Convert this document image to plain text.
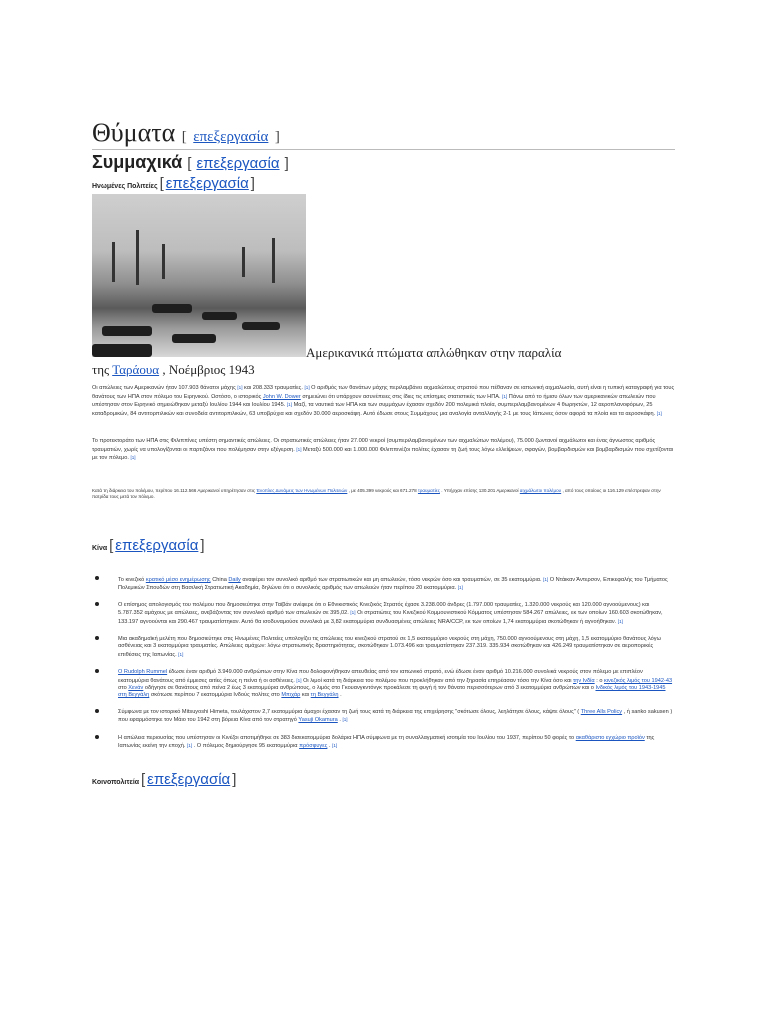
Θύματα [ επεξεργασία ]
Συμμαχικά [ επεξεργασία ]
Ηνωμένες Πολιτείες [ επεξεργασία ]
Αμερικανικά πτώματα απλώθηκαν στην παραλία
της Ταράουα , Νοέμβριος 1943
Οι απώλειες των Αμερικανών ήταν 107.903 θάνατοι μάχης [1] και 208.333 τραυματίες. [1] Ο αριθμός των θανάτων μάχης περιλαμβάνει αιχμαλώτους στρατού που πέθαναν σε ιαπωνική αιχμαλωσία, αυτή είναι η τυπική καταγραφή για τους θανάτους των ΗΠΑ στον πόλεμο του Ειρηνικού. Ωστόσο, ο ιστορικός John W. Dower σημειώνει ότι υπάρχουν ασυνέπειες στις ίδιες τις επίσημες στατιστικές των ΗΠΑ. [1] Πάνω από το ήμισυ όλων των αμερικανικών απωλειών που υπέστησαν στον Ειρηνικό σημειώθηκαν μεταξύ Ιουλίου 1944 και Ιουλίου 1945. [1] Μαζί, τα ναυτικά των ΗΠΑ και των συμμάχων έχασαν σχεδόν 200 πολεμικά πλοία, συμπεριλαμβανομένων 4 θωρηκτών, 12 αεροπλανοφόρων, 25 καταδρομικών, 84 αντιτορπιλικών και συνοδεία αντιτορπιλικών, 63 υποβρύχια και σχεδόν 30.000 αεροσκάφη. Αυτό έδωσε στους Συμμάχους μια αναλογία ανταλλαγής 2-1 με τους Ιάπωνες όσον αφορά τα πλοία και τα αεροσκάφη. [1]
Το προτεκτοράτο των ΗΠΑ στις Φιλιππίνες υπέστη σημαντικές απώλειες. Οι στρατιωτικές απώλειες ήταν 27.000 νεκροί (συμπεριλαμβανομένων των αιχμαλώτων πολέμου), 75.000 ζωντανοί αιχμάλωτοι και ένας άγνωστος αριθμός τραυματιών, χωρίς να υπολογίζονται οι παρτιζάνοι που πολέμησαν στην εξέγερση. [1] Μεταξύ 500.000 και 1.000.000 Φιλιππινέζοι πολίτες έχασαν τη ζωή τους λόγω ελλείψεων, σφαγών, βομβαρδισμών και βομβαρδισμών που σχετίζονται με τον πόλεμο. [1]
Κατά τη διάρκεια του πολέμου, περίπου 16.112.566 Αμερικανοί υπηρέτησαν στις Ένοπλες Δυνάμεις των Ηνωμένων Πολιτειών , με 405.399 νεκρούς και 671.278 τραυματίες . Υπήρχαν επίσης 130.201 Αμερικανοί αιχμάλωτοι πολέμου , από τους οποίους οι 116.129 επέστρεψαν στην πατρίδα τους μετά τον πόλεμο.
Κίνα [ επεξεργασία ]
Το κινεζικό κρατικό μέσο ενημέρωσης China Daily αναφέρει τον συνολικό αριθμό των στρατιωτικών και μη απωλειών, τόσο νεκρών όσο και τραυματιών, σε 35 εκατομμύρια. [1] Ο Ντάικαν Άντερσον, Επικεφαλής του Τμήματος Πολεμικών Σπουδών στη Βασιλική Στρατιωτική Ακαδημία, δηλώνει ότι ο συνολικός αριθμός των απωλειών ήταν περίπου 20 εκατομμύρια. [1]
Ο επίσημος απολογισμός του πολέμου που δημοσιεύτηκε στην Ταϊβάν ανέφερε ότι ο Εθνικιστικός Κινεζικός Στρατός έχασε 3.238.000 άνδρες (1.797.000 τραυματίες, 1.320.000 νεκρούς και 120.000 αγνοούμενους) και 5.787.352 αμάχους με απώλειες, ανεβάζοντας τον συνολικό αριθμό των απωλειών σε 395,02. [1] Οι στρατιώτες του Κινεζικού Κομμουνιστικού Κόμματος υπέστησαν 584.267 απώλειες, εκ των οποίων 160.603 σκοτώθηκαν, 133.197 αγνοούνται και 290.467 τραυματίστηκαν. Αυτό θα ισοδυναμούσε συνολικά με 3,82 εκατομμύρια συνδυασμένες απώλειες NRA/CCP, εκ των οποίων 1,74 εκατομμύρια σκοτώθηκαν ή αγνοήθηκαν. [1]
Μια ακαδημαϊκή μελέτη που δημοσιεύτηκε στις Ηνωμένες Πολιτείες υπολογίζει τις απώλειες του κινεζικού στρατού σε 1,5 εκατομμύριο νεκρούς στη μάχη, 750.000 αγνοούμενους στη μάχη, 1,5 εκατομμύριο θανάτους λόγω ασθένειας και 3 εκατομμύρια τραυματίες. Απώλειες αμάχων: λόγω στρατιωτικής δραστηριότητας, σκοτώθηκαν 1.073.496 και τραυματίστηκαν 237.319. 335.934 σκοτώθηκαν και 426.249 τραυματίστηκαν σε αεροπορικές επιθέσεις της Ιαπωνίας. [1]
Ο Rudolph Rummel έδωσε έναν αριθμό 3.949.000 ανθρώπων στην Κίνα που δολοφονήθηκαν απευθείας από τον ιαπωνικό στρατό, ενώ έδωσε έναν αριθμό 10.216.000 συνολικά νεκρούς στον πόλεμο με επιπλέον εκατομμύρια θανάτους από έμμεσες αιτίες όπως η πείνα ή οι ασθένειες. [1] Οι λιμοί κατά τη διάρκεια του πολέμου που προκλήθηκαν από την ξηρασία επηρέασαν τόσο την Κίνα όσο και την Ινδία : ο κινεζικός λιμός του 1942-43 στο Χενάν οδήγησε σε θανάτους από πείνα 2 έως 3 εκατομμύρια ανθρώπους, ο λιμός στο Γκουανγκντόνγκ προκάλεσε τη φυγή ή τον θάνατο περισσότερων από 3 εκατομμύρια ανθρώπων και ο Ινδικός λιμός του 1943-1945 στη Βεγγάλη σκότωσε περίπου 7 εκατομμύρια Ινδούς πολίτες στο Μπιχάρ και τη Βεγγάλη .
Σύμφωνα με τον ιστορικό Mitsuyoshi Himeta, τουλάχιστον 2,7 εκατομμύρια άμαχοι έχασαν τη ζωή τους κατά τη διάρκεια της επιχείρησης "σκότωσε όλους, λεηλάτησε όλους, κάψτε όλους" ( Three Alls Policy , ή sanko sakusen ) που εφαρμόστηκε τον Μάιο του 1942 στη βόρεια Κίνα από τον στρατηγό Yasuji Okamura . [1]
Η απώλεια περιουσίας που υπέστησαν οι Κινέζοι αποτιμήθηκε σε 383 δισεκατομμύρια δολάρια ΗΠΑ σύμφωνα με τη συναλλαγματική ισοτιμία του Ιουλίου του 1937, περίπου 50 φορές το ακαθάριστο εγχώριο προϊόν της Ιαπωνίας εκείνη την εποχή. [1] . Ο πόλεμος δημιούργησε 95 εκατομμύρια πρόσφυγες . [1]
Κοινοπολιτεία [ επεξεργασία ]
